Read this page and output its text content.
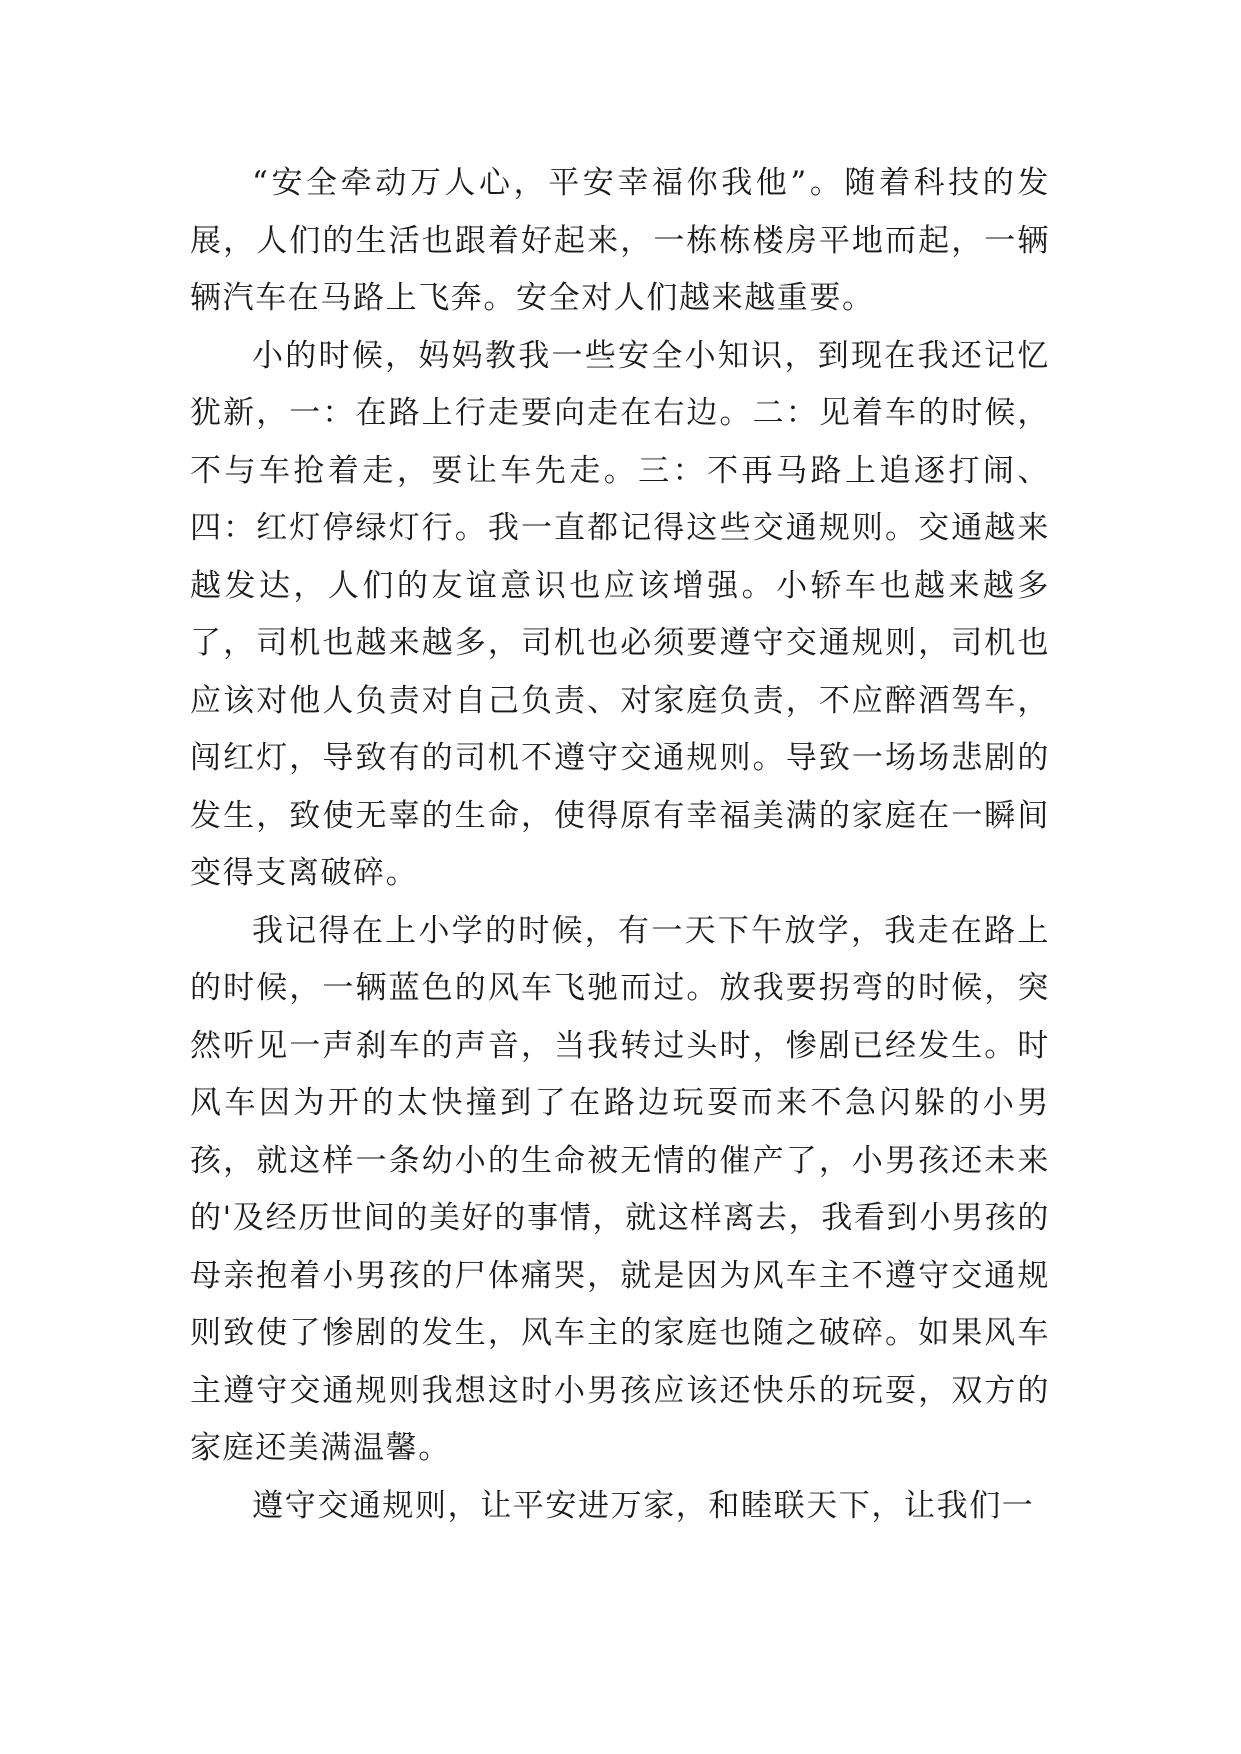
“安全牵动万人心，平安幸福你我他”。随着科技的发展，人们的生活也跟着好起来，一栋栋楼房平地而起，一辆辆汽车在马路上飞奔。安全对人们越来越重要。

小的时候，妈妈教我一些安全小知识，到现在我还记忆犹新，一：在路上行走要向走在右边。二：见着车的时候，不与车抢着走，要让车先走。三：不再马路上追逐打闹、四：红灯停绿灯行。我一直都记得这些交通规则。交通越来越发达，人们的友谊意识也应该增强。小轿车也越来越多了，司机也越来越多，司机也必须要遵守交通规则，司机也应该对他人负责对自己负责、对家庭负责，不应醉酒驾车，闯红灯，导致有的司机不遵守交通规则。导致一场场悲剧的发生，致使无辜的生命，使得原有幸福美满的家庭在一瞬间变得支离破碎。

我记得在上小学的时候，有一天下午放学，我走在路上的时候，一辆蓝色的风车飞驰而过。放我要拐弯的时候，突然听见一声刹车的声音，当我转过头时，惨剧已经发生。时风车因为开的太快撞到了在路边玩耍而来不急闪躲的小男孩，就这样一条幼小的生命被无情的催产了，小男孩还未来的'及经历世间的美好的事情，就这样离去，我看到小男孩的母亲抱着小男孩的尸体痛哭，就是因为风车主不遵守交通规则致使了惨剧的发生，风车主的家庭也随之破碎。如果风车主遵守交通规则我想这时小男孩应该还快乐的玩耍，双方的家庭还美满温馨。

遵守交通规则，让平安进万家，和睦联天下，让我们一
